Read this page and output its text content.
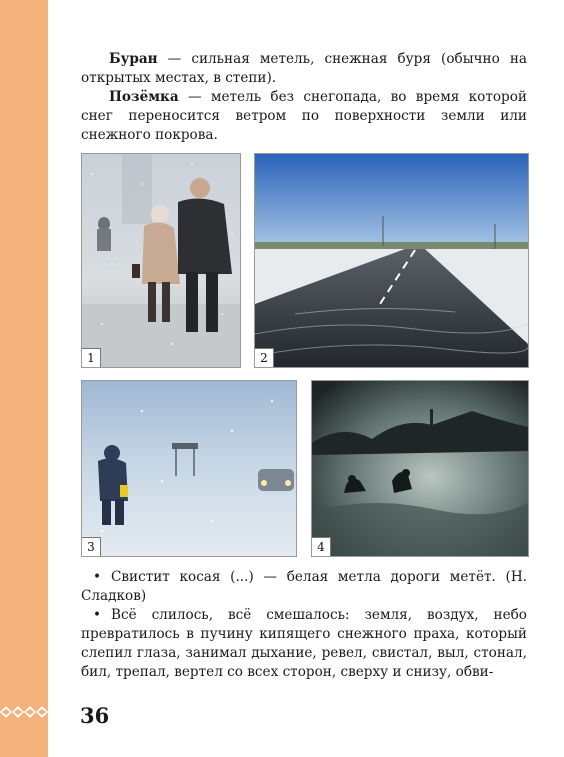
Буран — сильная метель, снежная буря (обычно на открытых местах, в степи).

Позёмка — метель без снегопада, во время которой снег переносится ветром по поверхности земли или снежного покрова.

1	2
3	4

• Свистит косая (...) — белая метла дороги метёт. (Н. Сладков)

• Всё слилось, всё смешалось: земля, воздух, небо превратилось в пучину кипящего снежного праха, который слепил глаза, занимал дыхание, ревел, свистал, выл, стонал, бил, трепал, вертел со всех сторон, сверху и снизу, обви-

36
